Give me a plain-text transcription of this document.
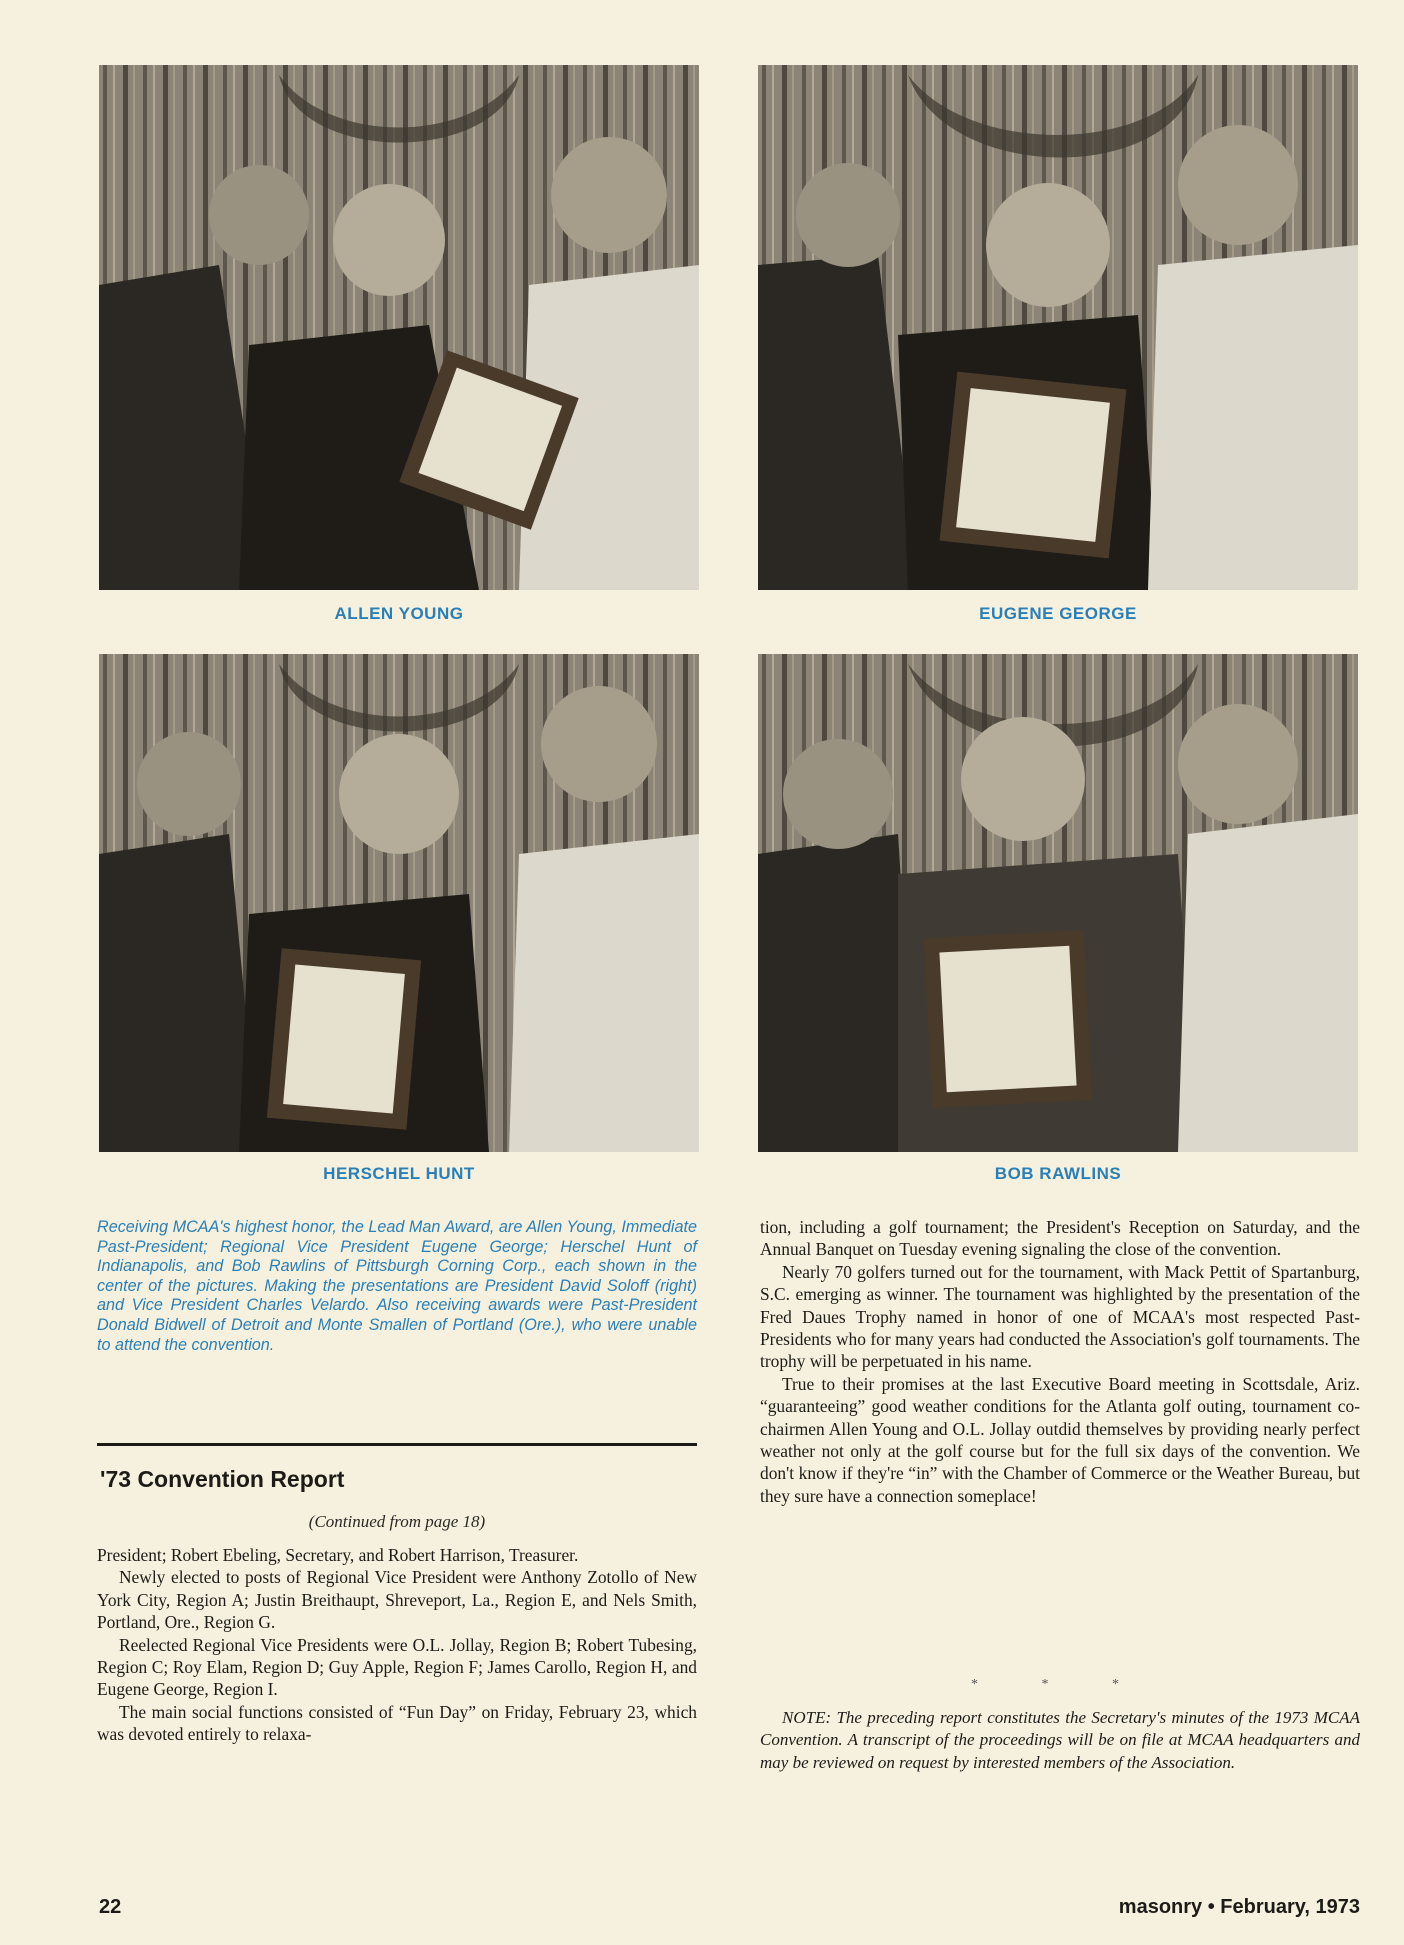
ALLEN YOUNG	EUGENE GEORGE
HERSCHEL HUNT	BOB RAWLINS

Receiving MCAA's highest honor, the Lead Man Award, are Allen Young, Immediate Past-President; Regional Vice President Eugene George; Herschel Hunt of Indianapolis, and Bob Rawlins of Pittsburgh Corning Corp., each shown in the center of the pictures. Making the presentations are President David Soloff (right) and Vice President Charles Velardo. Also receiving awards were Past-President Donald Bidwell of Detroit and Monte Smallen of Portland (Ore.), who were unable to attend the convention.

'73 Convention Report
(Continued from page 18)

President; Robert Ebeling, Secretary, and Robert Harrison, Treasurer.

Newly elected to posts of Regional Vice President were Anthony Zotollo of New York City, Region A; Justin Breithaupt, Shreveport, La., Region E, and Nels Smith, Portland, Ore., Region G.

Reelected Regional Vice Presidents were O.L. Jollay, Region B; Robert Tubesing, Region C; Roy Elam, Region D; Guy Apple, Region F; James Carollo, Region H, and Eugene George, Region I.

The main social functions consisted of “Fun Day” on Friday, February 23, which was devoted entirely to relaxa-

tion, including a golf tournament; the President's Reception on Saturday, and the Annual Banquet on Tuesday evening signaling the close of the convention.

Nearly 70 golfers turned out for the tournament, with Mack Pettit of Spartanburg, S.C. emerging as winner. The tournament was highlighted by the presentation of the Fred Daues Trophy named in honor of one of MCAA's most respected Past-Presidents who for many years had conducted the Association's golf tournaments. The trophy will be perpetuated in his name.

True to their promises at the last Executive Board meeting in Scottsdale, Ariz. “guaranteeing” good weather conditions for the Atlanta golf outing, tournament co-chairmen Allen Young and O.L. Jollay outdid themselves by providing nearly perfect weather not only at the golf course but for the full six days of the convention. We don't know if they're “in” with the Chamber of Commerce or the Weather Bureau, but they sure have a connection someplace!

* * *

NOTE: The preceding report constitutes the Secretary's minutes of the 1973 MCAA Convention. A transcript of the proceedings will be on file at MCAA headquarters and may be reviewed on request by interested members of the Association.

22	masonry • February, 1973
